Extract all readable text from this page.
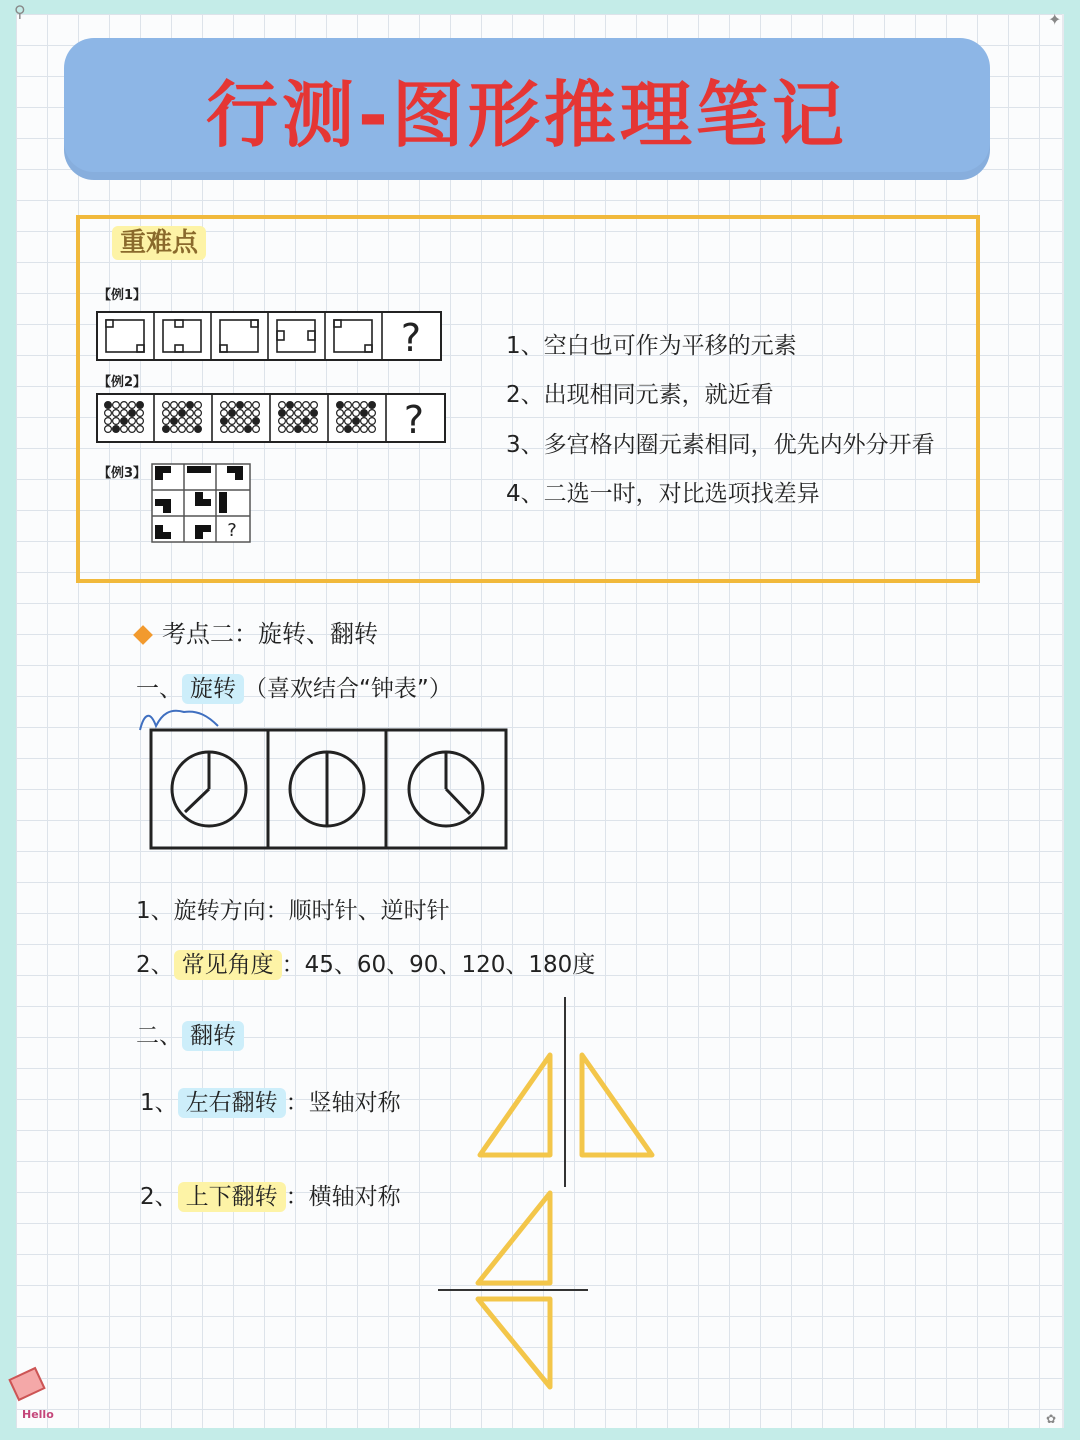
⚲	✦
行测-图形推理笔记
重难点
【例1】
【例2】
【例3】
?
?
?
1、空白也可作为平移的元素
2、出现相同元素，就近看
3、多宫格内圈元素相同，优先内外分开看
4、二选一时，对比选项找差异
考点二：旋转、翻转
一、 旋转 （喜欢结合“钟表”）
1、旋转方向：顺时针、逆时针
2、 常见角度 ：45、60、90、120、180度
二、 翻转
1、 左右翻转 ：竖轴对称
2、 上下翻转 ：横轴对称
Hello	✿
